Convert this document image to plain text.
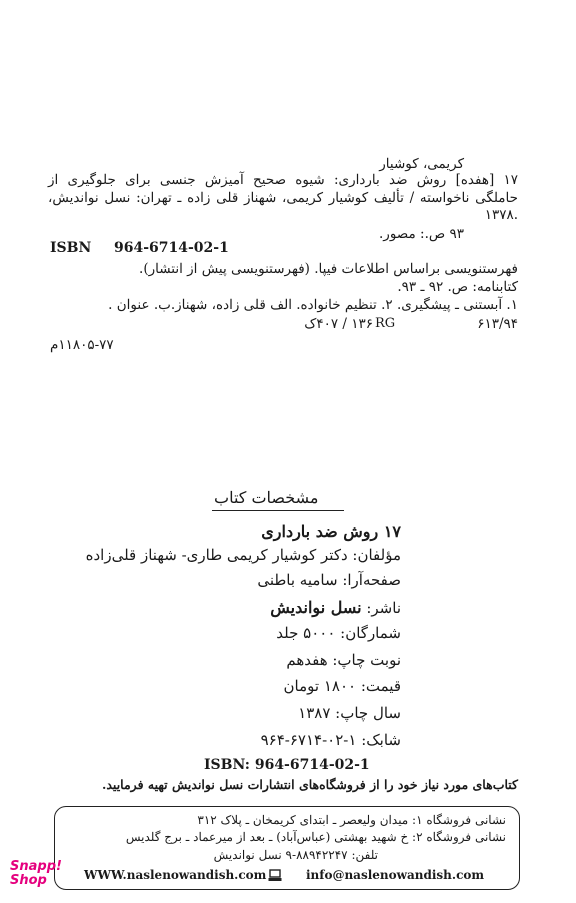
کریمی، کوشیار
۱۷ [هفده] روش ضد بارداری: شیوه صحیح آمیزش جنسی برای جلوگیری از
حاملگی ناخواسته / تألیف کوشیار کریمی، شهناز قلی زاده ـ تهران: نسل نواندیش،
۱۳۷۸.
۹۳ ص.: مصور.
ISBN 964-6714-02-1
فهرستنویسی براساس اطلاعات فیپا. (فهرستنویسی پیش از انتشار).
کتابنامه: ص. ۹۲ ـ ۹۳.
۱. آبستنی ـ پیشگیری. ۲. تنظیم خانواده. الف قلی زاده، شهناز.ب. عنوان .
۶۱۳/۹۴
RG
۱۳۶ / ۴۰۷ک
۱۱۸۰۵-۷۷م
مشخصات کتاب
۱۷ روش ضد بارداری
مؤلفان: دکتر کوشیار کریمی طاری- شهناز قلی‌زاده
صفحه‌آرا: سامیه باطنی
ناشر: نسل نواندیش
شمارگان: ۵۰۰۰ جلد
نوبت چاپ: هفدهم
قیمت: ۱۸۰۰ تومان
سال چاپ: ۱۳۸۷
شابک: ۱-۰۲-۶۷۱۴-۹۶۴
ISBN: 964-6714-02-1
کتاب‌های مورد نیاز خود را از فروشگاه‌های انتشارات نسل نواندیش تهیه فرمایید.
نشانی فروشگاه ۱: میدان ولیعصر ـ ابتدای کریمخان ـ پلاک ۳۱۲
نشانی فروشگاه ۲: خ شهید بهشتی (عباس‌آباد) ـ بعد از میرعماد ـ برج گلدیس
تلفن: ۸۸۹۴۲۲۴۷-۹ نسل نواندیش
WWW.naslenowandish.com	info@naslenowandish.com
Snapp!
Shop
